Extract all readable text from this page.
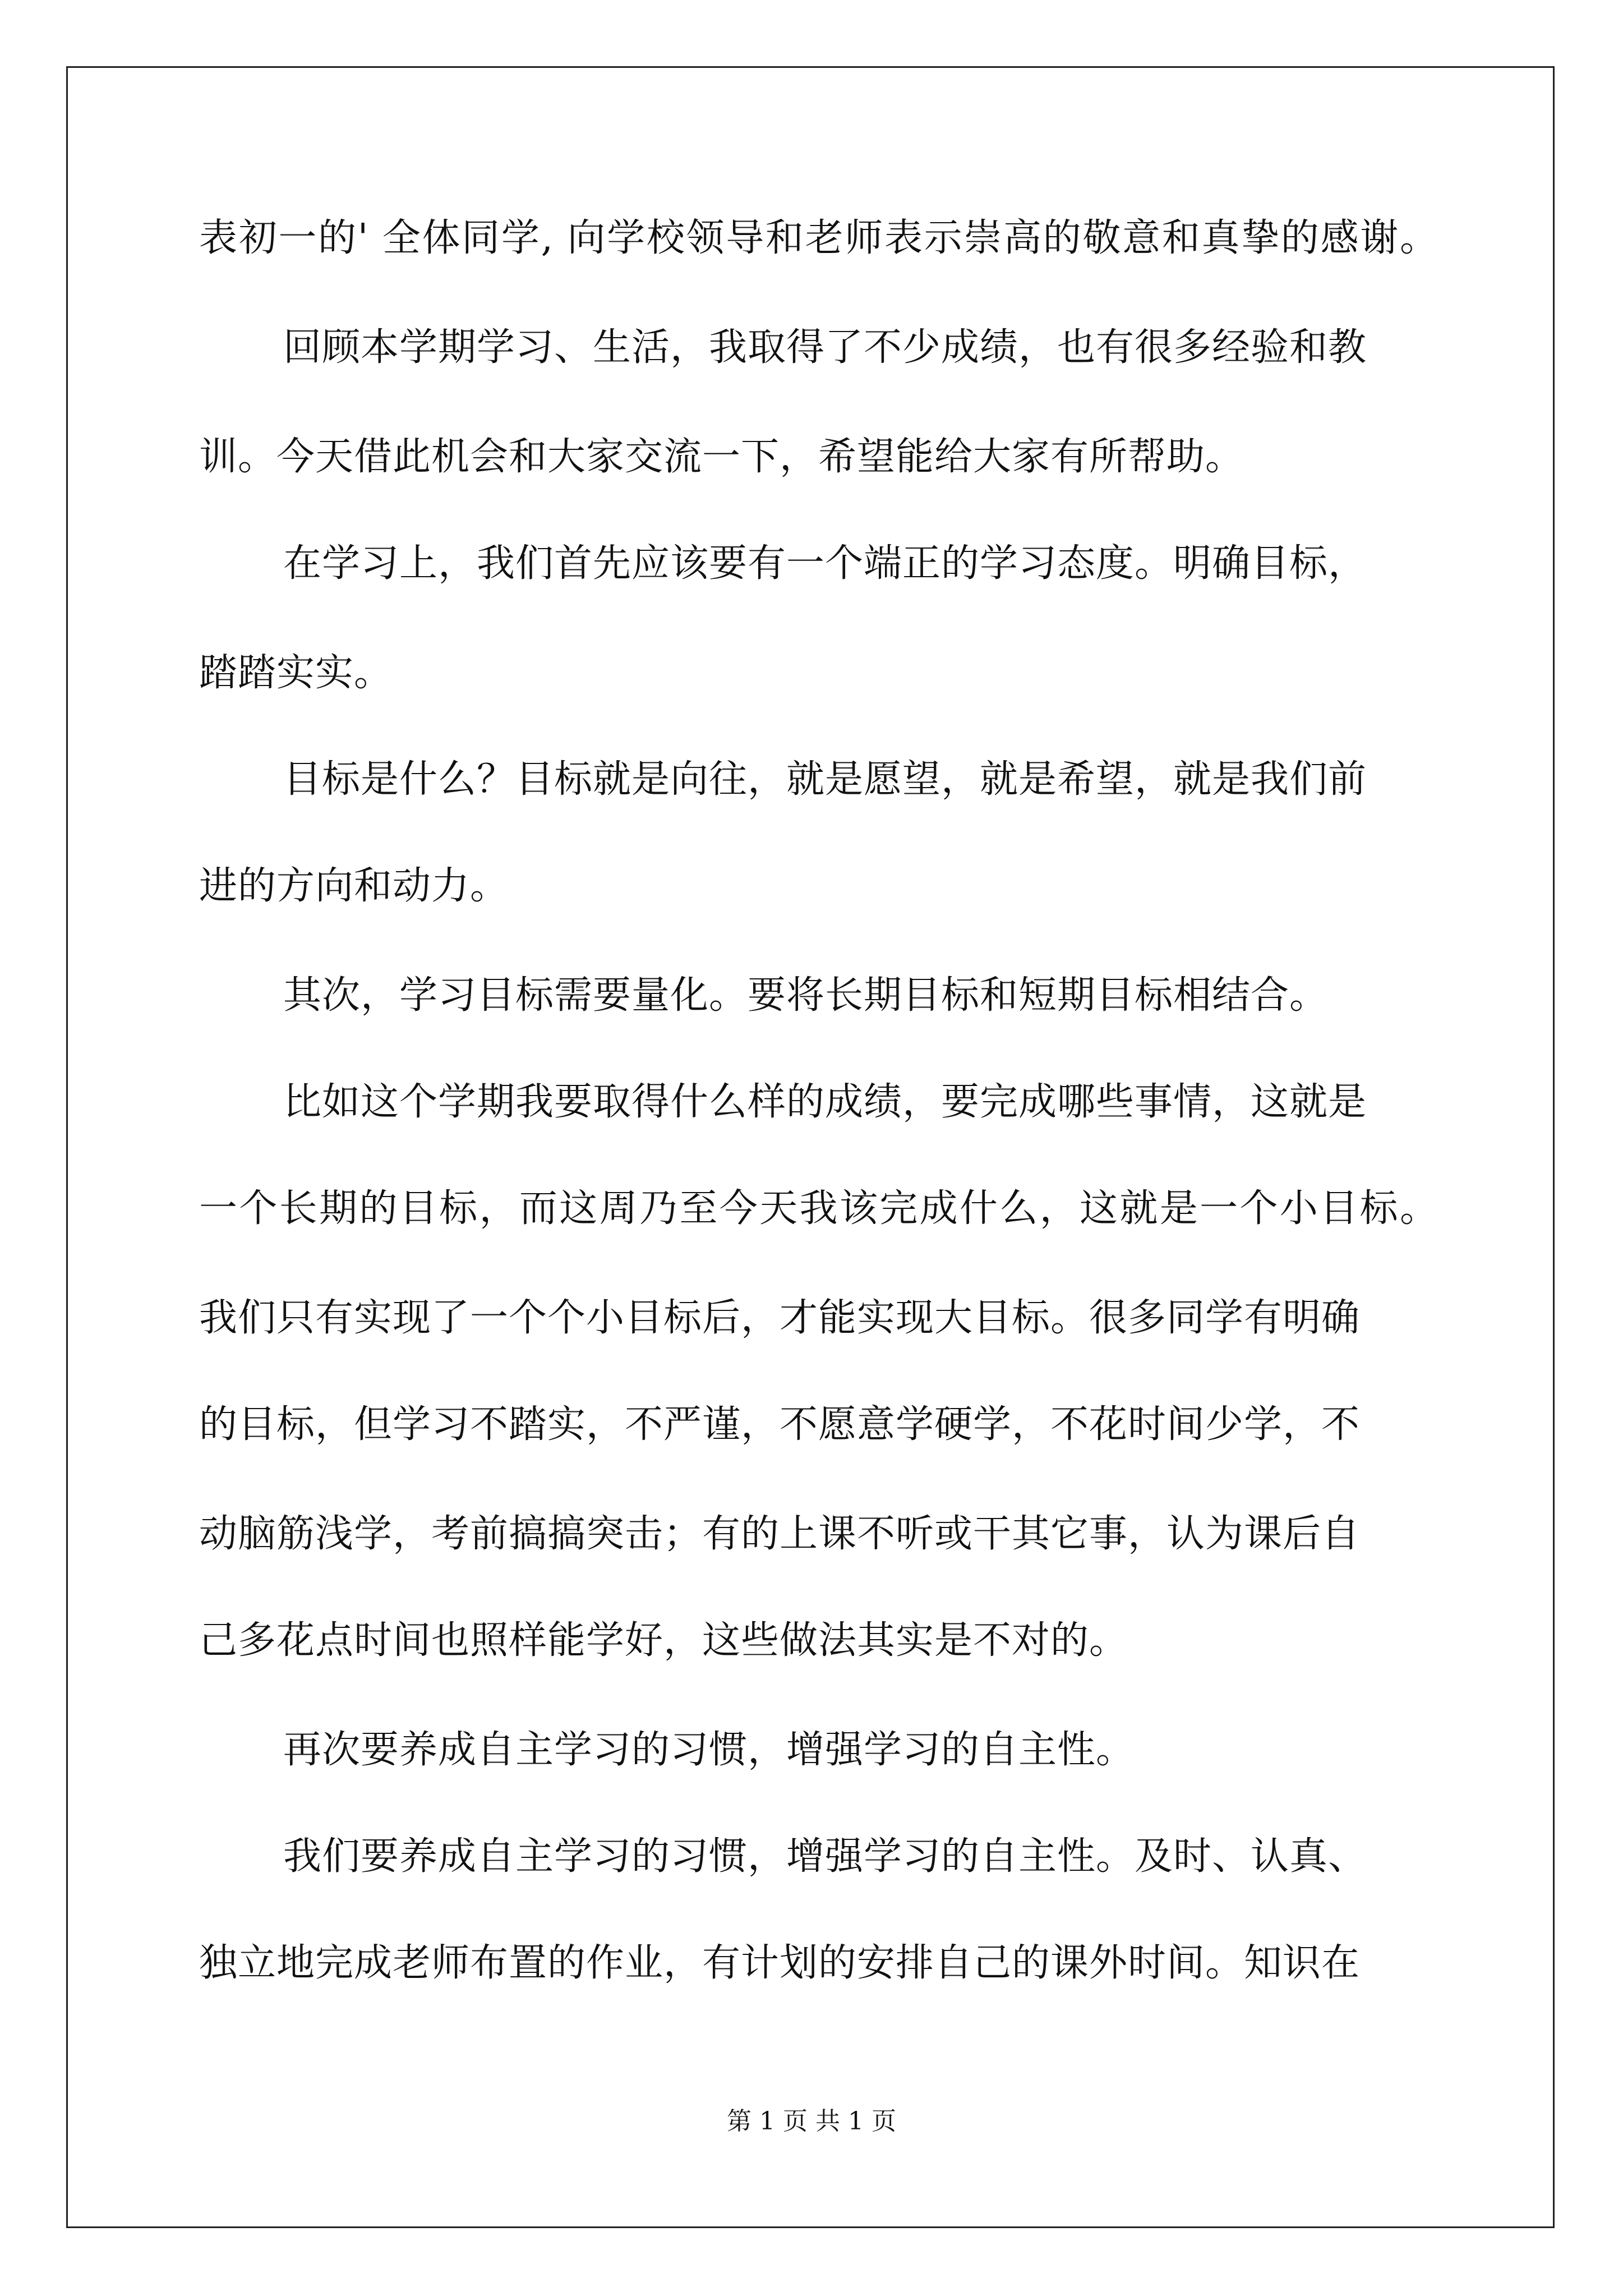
表初一的' 全体同学, 向学校领导和老师表示崇高的敬意和真挚的感谢。
回顾本学期学习、生活，我取得了不少成绩，也有很多经验和教
训。今天借此机会和大家交流一下，希望能给大家有所帮助。
在学习上，我们首先应该要有一个端正的学习态度。明确目标，
踏踏实实。
目标是什么？目标就是向往，就是愿望，就是希望，就是我们前
进的方向和动力。
其次，学习目标需要量化。要将长期目标和短期目标相结合。
比如这个学期我要取得什么样的成绩，要完成哪些事情，这就是
一个长期的目标，而这周乃至今天我该完成什么，这就是一个小目标。
我们只有实现了一个个小目标后，才能实现大目标。很多同学有明确
的目标，但学习不踏实，不严谨，不愿意学硬学，不花时间少学，不
动脑筋浅学，考前搞搞突击；有的上课不听或干其它事，认为课后自
己多花点时间也照样能学好，这些做法其实是不对的。
再次要养成自主学习的习惯，增强学习的自主性。
我们要养成自主学习的习惯，增强学习的自主性。及时、认真、
独立地完成老师布置的作业，有计划的安排自己的课外时间。知识在
第 1 页 共 1 页
